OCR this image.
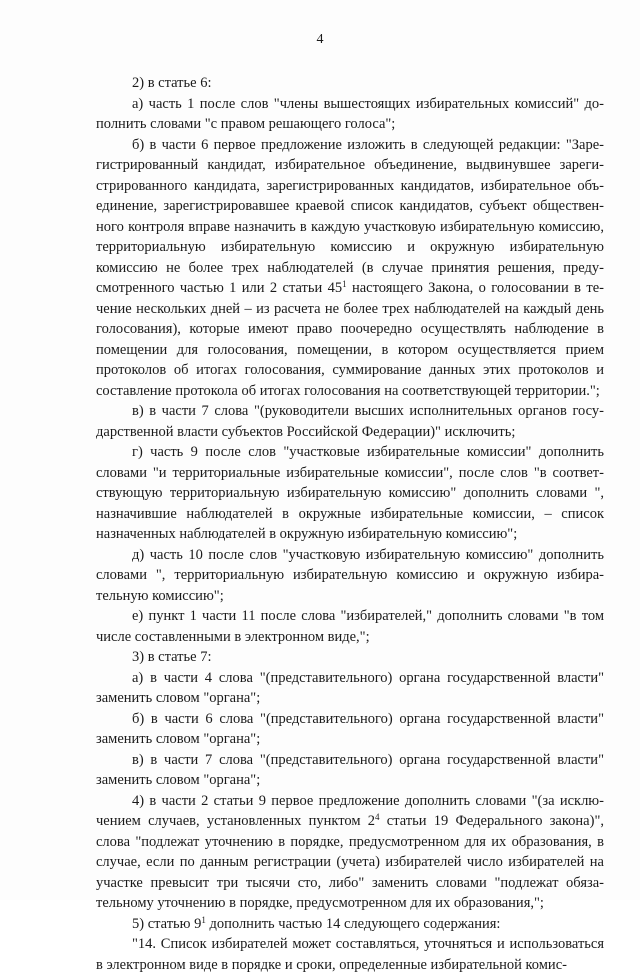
4

2) в статье 6:

а) часть 1 после слов "члены вышестоящих избирательных комиссий" дополнить словами "с правом решающего голоса";

б) в части 6 первое предложение изложить в следующей редакции: "Зарегистрированный кандидат, избирательное объединение, выдвинувшее зарегистрированного кандидата, зарегистрированных кандидатов, избирательное объединение, зарегистрировавшее краевой список кандидатов, субъект общественного контроля вправе назначить в каждую участковую избирательную комиссию, территориальную избирательную комиссию и окружную избирательную комиссию не более трех наблюдателей (в случае принятия решения, предусмотренного частью 1 или 2 статьи $45^1$ настоящего Закона, о голосовании в течение нескольких дней – из расчета не более трех наблюдателей на каждый день голосования), которые имеют право поочередно осуществлять наблюдение в помещении для голосования, помещении, в котором осуществляется прием протоколов об итогах голосования, суммирование данных этих протоколов и составление протокола об итогах голосования на соответствующей территории.";

в) в части 7 слова "(руководители высших исполнительных органов государственной власти субъектов Российской Федерации)" исключить;

г) часть 9 после слов "участковые избирательные комиссии" дополнить словами "и территориальные избирательные комиссии", после слов "в соответствующую территориальную избирательную комиссию" дополнить словами ", назначившие наблюдателей в окружные избирательные комиссии, – список назначенных наблюдателей в окружную избирательную комиссию";

д) часть 10 после слов "участковую избирательную комиссию" дополнить словами ", территориальную избирательную комиссию и окружную избирательную комиссию";

е) пункт 1 части 11 после слова "избирателей," дополнить словами "в том числе составленными в электронном виде,";

3) в статье 7:

а) в части 4 слова "(представительного) органа государственной власти" заменить словом "органа";

б) в части 6 слова "(представительного) органа государственной власти" заменить словом "органа";

в) в части 7 слова "(представительного) органа государственной власти" заменить словом "органа";

4) в части 2 статьи 9 первое предложение дополнить словами "(за исключением случаев, установленных пунктом $2^4$ статьи 19 Федерального закона)", слова "подлежат уточнению в порядке, предусмотренном для их образования, в случае, если по данным регистрации (учета) избирателей число избирателей на участке превысит три тысячи сто, либо" заменить словами "подлежат обязательному уточнению в порядке, предусмотренном для их образования,";

5) статью $9^1$ дополнить частью 14 следующего содержания:

"14. Список избирателей может составляться, уточняться и использоваться в электронном виде в порядке и сроки, определенные избирательной комис-
